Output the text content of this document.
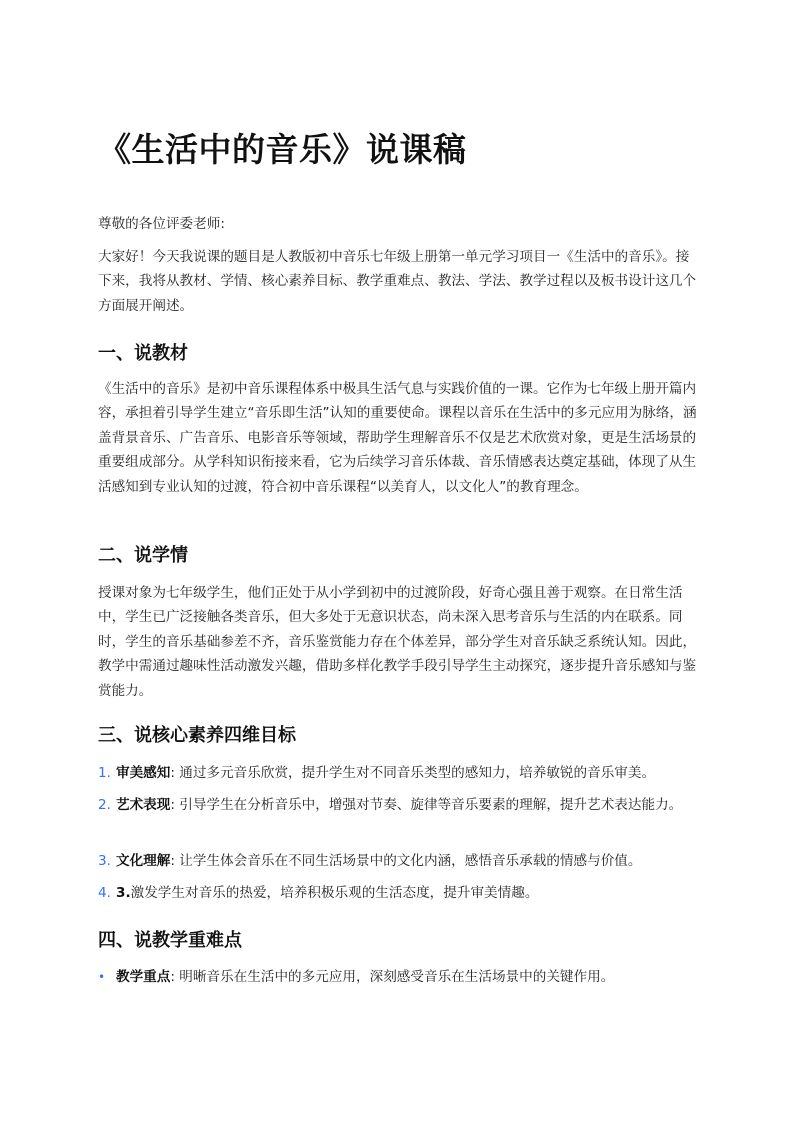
《生活中的音乐》说课稿

尊敬的各位评委老师:

大家好！今天我说课的题目是人教版初中音乐七年级上册第一单元学习项目一《生活中的音乐》。接下来，我将从教材、学情、核心素养目标、教学重难点、教法、学法、教学过程以及板书设计这几个方面展开阐述。

一、说教材

《生活中的音乐》是初中音乐课程体系中极具生活气息与实践价值的一课。它作为七年级上册开篇内容，承担着引导学生建立“音乐即生活”认知的重要使命。课程以音乐在生活中的多元应用为脉络，涵盖背景音乐、广告音乐、电影音乐等领域，帮助学生理解音乐不仅是艺术欣赏对象，更是生活场景的重要组成部分。从学科知识衔接来看，它为后续学习音乐体裁、音乐情感表达奠定基础，体现了从生活感知到专业认知的过渡，符合初中音乐课程“以美育人，以文化人”的教育理念。

二、说学情

授课对象为七年级学生，他们正处于从小学到初中的过渡阶段，好奇心强且善于观察。在日常生活中，学生已广泛接触各类音乐，但大多处于无意识状态，尚未深入思考音乐与生活的内在联系。同时，学生的音乐基础参差不齐，音乐鉴赏能力存在个体差异，部分学生对音乐缺乏系统认知。因此，教学中需通过趣味性活动激发兴趣，借助多样化教学手段引导学生主动探究，逐步提升音乐感知与鉴赏能力。

三、说核心素养四维目标
1. 审美感知: 通过多元音乐欣赏，提升学生对不同音乐类型的感知力，培养敏锐的音乐审美。
2. 艺术表现: 引导学生在分析音乐中，增强对节奏、旋律等音乐要素的理解，提升艺术表达能力。
3. 文化理解: 让学生体会音乐在不同生活场景中的文化内涵，感悟音乐承载的情感与价值。
4. 3.激发学生对音乐的热爱，培养积极乐观的生活态度，提升审美情趣。
四、说教学重难点
• 教学重点: 明晰音乐在生活中的多元应用，深刻感受音乐在生活场景中的关键作用。
